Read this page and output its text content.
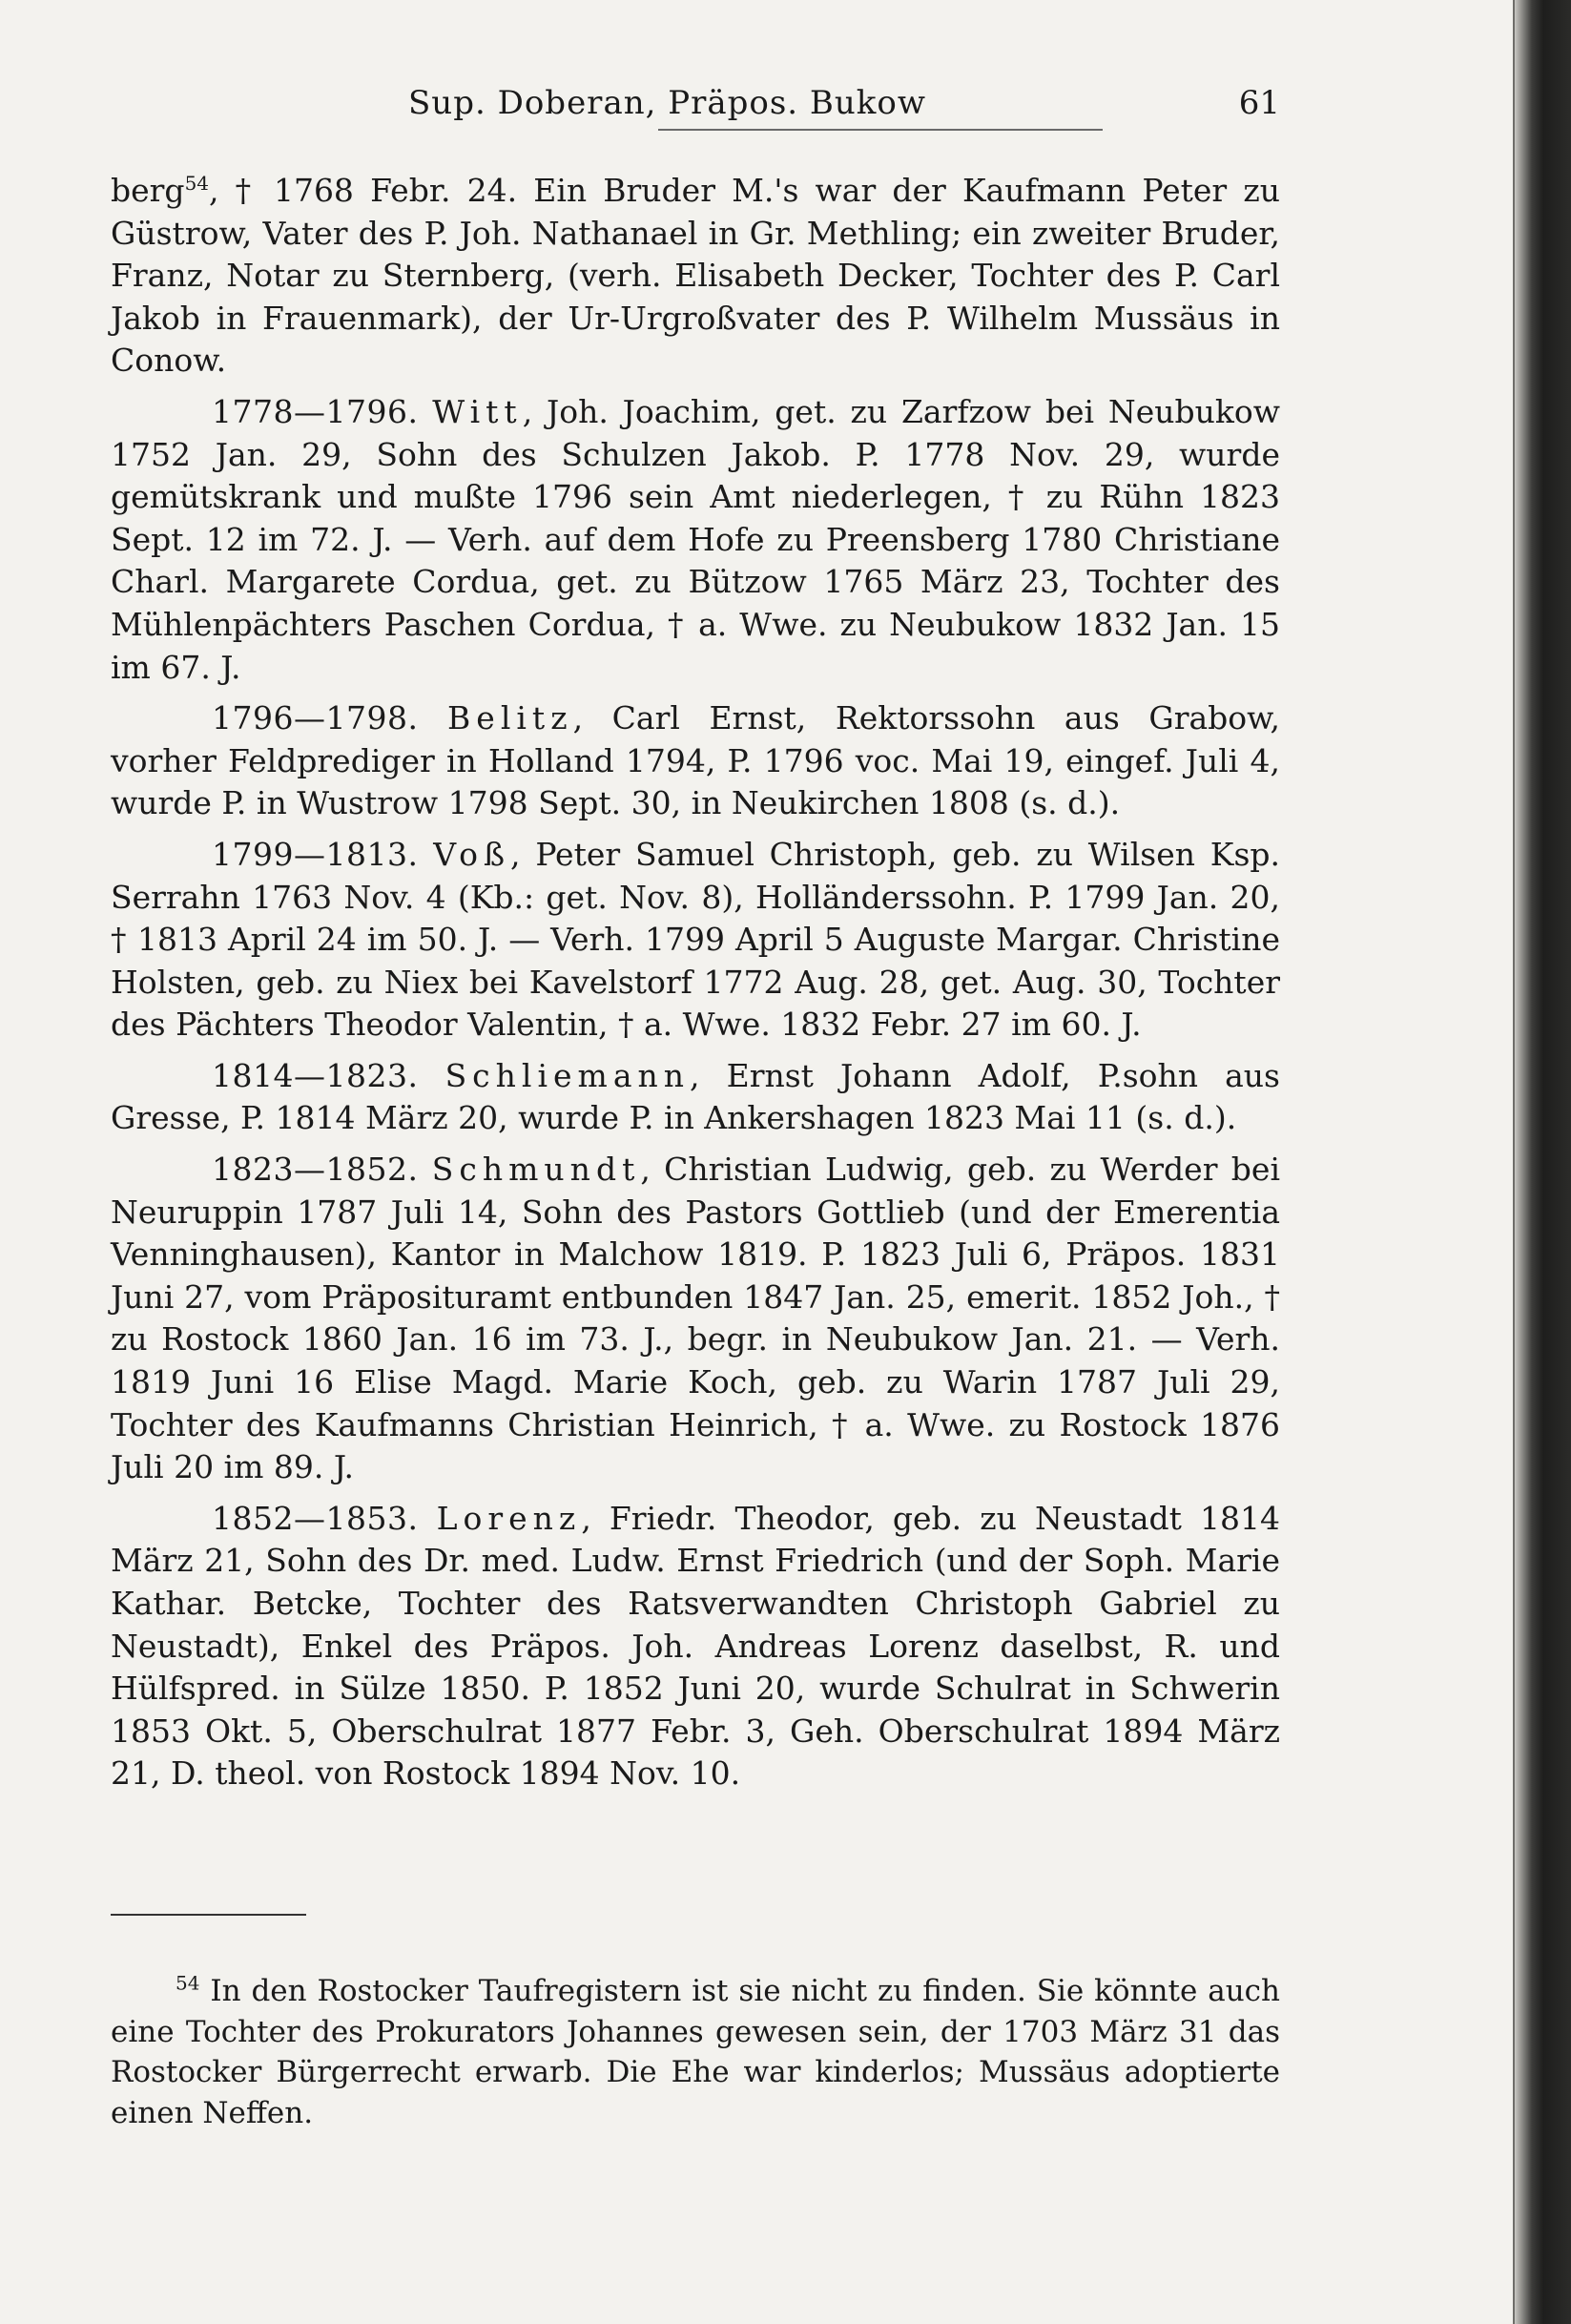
Sup. Doberan, Präpos. Bukow	61

berg$^{54}$, † 1768 Febr. 24. Ein Bruder M.'s war der Kaufmann Peter zu Güstrow, Vater des P. Joh. Nathanael in Gr. Methling; ein zweiter Bruder, Franz, Notar zu Sternberg, (verh. Elisabeth Decker, Tochter des P. Carl Jakob in Frauenmark), der Ur-Urgroßvater des P. Wilhelm Mussäus in Conow.

1778—1796. Witt, Joh. Joachim, get. zu Zarfzow bei Neubukow 1752 Jan. 29, Sohn des Schulzen Jakob. P. 1778 Nov. 29, wurde gemütskrank und mußte 1796 sein Amt niederlegen, † zu Rühn 1823 Sept. 12 im 72. J. — Verh. auf dem Hofe zu Preensberg 1780 Christiane Charl. Margarete Cordua, get. zu Bützow 1765 März 23, Tochter des Mühlenpächters Paschen Cordua, † a. Wwe. zu Neubukow 1832 Jan. 15 im 67. J.

1796—1798. Belitz, Carl Ernst, Rektorssohn aus Grabow, vorher Feldprediger in Holland 1794, P. 1796 voc. Mai 19, eingef. Juli 4, wurde P. in Wustrow 1798 Sept. 30, in Neukirchen 1808 (s. d.).

1799—1813. Voß, Peter Samuel Christoph, geb. zu Wilsen Ksp. Serrahn 1763 Nov. 4 (Kb.: get. Nov. 8), Holländerssohn. P. 1799 Jan. 20, † 1813 April 24 im 50. J. — Verh. 1799 April 5 Auguste Margar. Christine Holsten, geb. zu Niex bei Kavelstorf 1772 Aug. 28, get. Aug. 30, Tochter des Pächters Theodor Valentin, † a. Wwe. 1832 Febr. 27 im 60. J.

1814—1823. Schliemann, Ernst Johann Adolf, P.sohn aus Gresse, P. 1814 März 20, wurde P. in Ankershagen 1823 Mai 11 (s. d.).

1823—1852. Schmundt, Christian Ludwig, geb. zu Werder bei Neuruppin 1787 Juli 14, Sohn des Pastors Gottlieb (und der Emerentia Venninghausen), Kantor in Malchow 1819. P. 1823 Juli 6, Präpos. 1831 Juni 27, vom Präposituramt entbunden 1847 Jan. 25, emerit. 1852 Joh., † zu Rostock 1860 Jan. 16 im 73. J., begr. in Neubukow Jan. 21. — Verh. 1819 Juni 16 Elise Magd. Marie Koch, geb. zu Warin 1787 Juli 29, Tochter des Kaufmanns Christian Heinrich, † a. Wwe. zu Rostock 1876 Juli 20 im 89. J.

1852—1853. Lorenz, Friedr. Theodor, geb. zu Neustadt 1814 März 21, Sohn des Dr. med. Ludw. Ernst Friedrich (und der Soph. Marie Kathar. Betcke, Tochter des Ratsverwandten Christoph Gabriel zu Neustadt), Enkel des Präpos. Joh. Andreas Lorenz daselbst, R. und Hülfspred. in Sülze 1850. P. 1852 Juni 20, wurde Schulrat in Schwerin 1853 Okt. 5, Oberschulrat 1877 Febr. 3, Geh. Oberschulrat 1894 März 21, D. theol. von Rostock 1894 Nov. 10.

$^{54}$ In den Rostocker Taufregistern ist sie nicht zu finden. Sie könnte auch eine Tochter des Prokurators Johannes gewesen sein, der 1703 März 31 das Rostocker Bürgerrecht erwarb. Die Ehe war kinderlos; Mussäus adoptierte einen Neffen.
